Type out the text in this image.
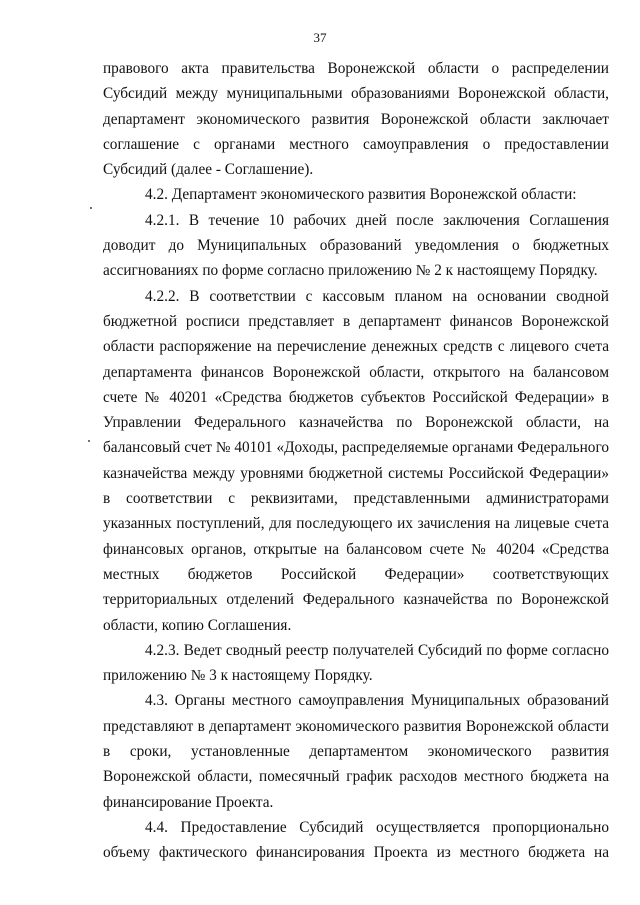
37

правового акта правительства Воронежской области о распределении
Субсидий между муниципальными образованиями Воронежской области,
департамент экономического развития Воронежской области заключает
соглашение с органами местного самоуправления о предоставлении
Субсидий (далее - Соглашение).

4.2. Департамент экономического развития Воронежской области:

4.2.1. В течение 10 рабочих дней после заключения Соглашения
доводит до Муниципальных образований уведомления о бюджетных
ассигнованиях по форме согласно приложению № 2 к настоящему Порядку.

4.2.2. В соответствии с кассовым планом на основании сводной
бюджетной росписи представляет в департамент финансов Воронежской
области распоряжение на перечисление денежных средств с лицевого счета
департамента финансов Воронежской области, открытого на балансовом
счете № 40201 «Средства бюджетов субъектов Российской Федерации» в
Управлении Федерального казначейства по Воронежской области, на
балансовый счет № 40101 «Доходы, распределяемые органами Федерального
казначейства между уровнями бюджетной системы Российской Федерации»
в соответствии с реквизитами, представленными администраторами
указанных поступлений, для последующего их зачисления на лицевые счета
финансовых органов, открытые на балансовом счете № 40204 «Средства
местных бюджетов Российской Федерации» соответствующих
территориальных отделений Федерального казначейства по Воронежской
области, копию Соглашения.

4.2.3. Ведет сводный реестр получателей Субсидий по форме согласно
приложению № 3 к настоящему Порядку.

4.3. Органы местного самоуправления Муниципальных образований
представляют в департамент экономического развития Воронежской области
в сроки, установленные департаментом экономического развития
Воронежской области, помесячный график расходов местного бюджета на
финансирование Проекта.

4.4. Предоставление Субсидий осуществляется пропорционально
объему фактического финансирования Проекта из местного бюджета на
